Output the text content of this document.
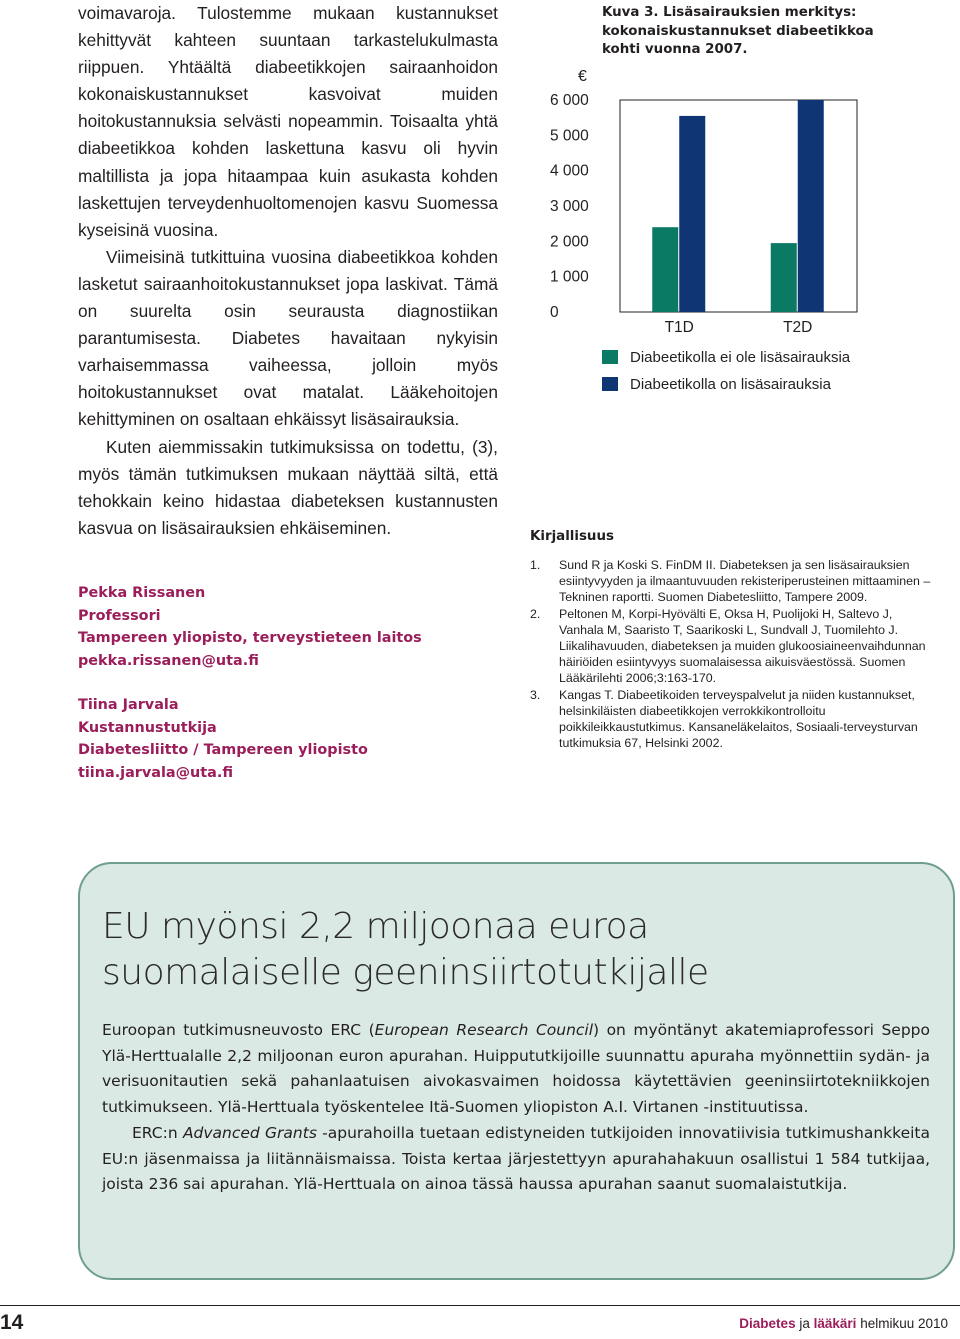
voimavaroja. Tulostemme mukaan kustannukset kehittyvät kahteen suuntaan tarkastelukulmasta riippuen. Yhtäältä diabeetikkojen sairaanhoidon kokonaiskustannukset kasvoivat muiden hoitokustannuksia selvästi nopeammin. Toisaalta yhtä diabeetikkoa kohden laskettuna kasvu oli hyvin maltillista ja jopa hitaampaa kuin asukasta kohden laskettujen terveydenhuoltomenojen kasvu Suomessa kyseisinä vuosina.

Viimeisinä tutkittuina vuosina diabeetikkoa kohden lasketut sairaanhoitokustannukset jopa laskivat. Tämä on suurelta osin seurausta diagnostiikan parantumisesta. Diabetes havaitaan nykyisin varhaisemmassa vaiheessa, jolloin myös hoitokustannukset ovat matalat. Lääkehoitojen kehittyminen on osaltaan ehkäissyt lisäsairauksia.

Kuten aiemmissakin tutkimuksissa on todettu, (3), myös tämän tutkimuksen mukaan näyttää siltä, että tehokkain keino hidastaa diabeteksen kustannusten kasvua on lisäsairauksien ehkäiseminen.

Pekka Rissanen
Professori
Tampereen yliopisto, terveystieteen laitos
pekka.rissanen@uta.fi
Tiina Jarvala
Kustannustutkija
Diabetesliitto / Tampereen yliopisto
tiina.jarvala@uta.fi
Kuva 3. Lisäsairauksien merkitys:
kokonaiskustannukset diabeetikkoa
kohti vuonna 2007.
€
6 000
5 000
4 000
3 000
2 000
1 000
0
T1D	T2D
Diabeetikolla ei ole lisäsairauksia
Diabeetikolla on lisäsairauksia
Kirjallisuus
1. Sund R ja Koski S. FinDM II. Diabeteksen ja sen lisäsairauksien esiintyvyyden ja ilmaantuvuuden rekisteriperusteinen mittaaminen – Tekninen raportti. Suomen Diabetesliitto, Tampere 2009.
2. Peltonen M, Korpi-Hyövälti E, Oksa H, Puolijoki H, Saltevo J, Vanhala M, Saaristo T, Saarikoski L, Sundvall J, Tuomilehto J. Liikalihavuuden, diabeteksen ja muiden glukoosiaineenvaihdunnan häiriöiden esiintyvyys suomalaisessa aikuisväestössä. Suomen Lääkärilehti 2006;3:163-170.
3. Kangas T. Diabeetikoiden terveyspalvelut ja niiden kustannukset, helsinkiläisten diabeetikkojen verrokkikontrolloitu poikkileikkaustutkimus. Kansaneläkelaitos, Sosiaali-terveysturvan tutkimuksia 67, Helsinki 2002.
EU myönsi 2,2 miljoonaa euroa
suomalaiselle geeninsiirtotutkijalle

Euroopan tutkimusneuvosto ERC (European Research Council) on myöntänyt akatemiaprofessori Seppo Ylä-Herttualalle 2,2 miljoonan euron apurahan. Huippututkijoille suunnattu apuraha myönnettiin sydän- ja verisuonitautien sekä pahanlaatuisen aivokasvaimen hoidossa käytettävien geeninsiirtotekniikkojen tutkimukseen. Ylä-Herttuala työskentelee Itä-Suomen yliopiston A.I. Virtanen -instituutissa.

ERC:n Advanced Grants -apurahoilla tuetaan edistyneiden tutkijoiden innovatiivisia tutkimushankkeita EU:n jäsenmaissa ja liitännäismaissa. Toista kertaa järjestettyyn apurahahakuun osallistui 1 584 tutkijaa, joista 236 sai apurahan. Ylä-Herttuala on ainoa tässä haussa apurahan saanut suomalaistutkija.

14	Diabetes ja lääkäri helmikuu 2010
